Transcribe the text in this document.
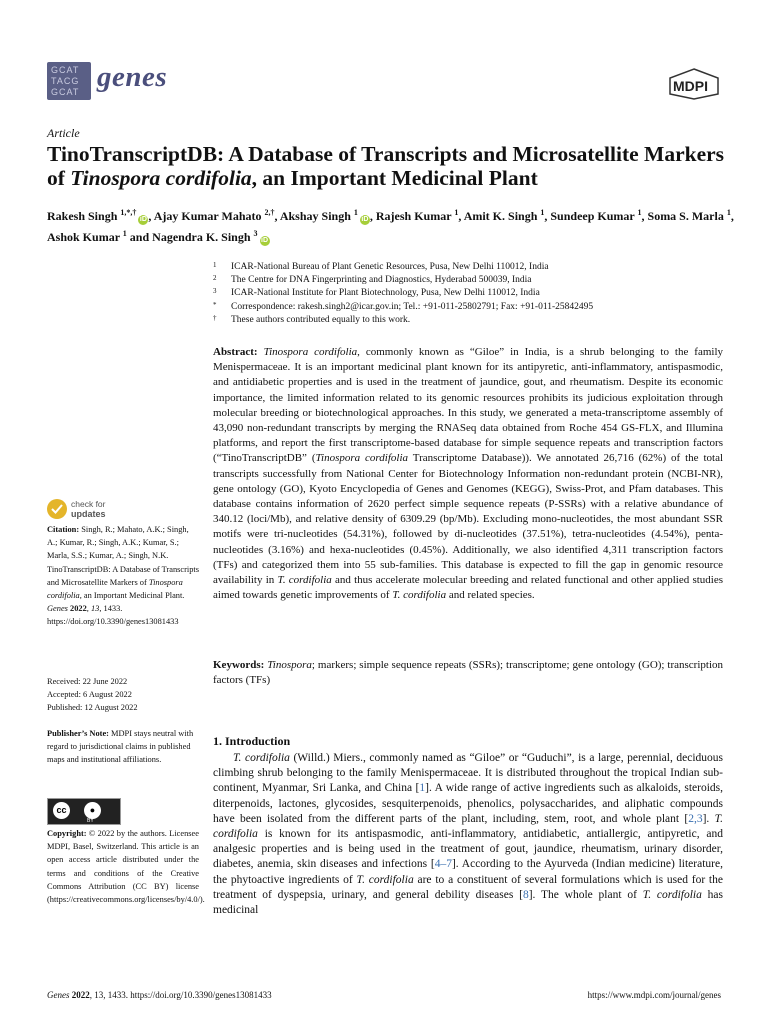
GCAT
TACG
GCAT genes	MDPI
Article
TinoTranscriptDB: A Database of Transcripts and Microsatellite Markers of Tinospora cordifolia, an Important Medicinal Plant
Rakesh Singh $^{1,*,\dagger}$iD , Ajay Kumar Mahato $^{2,\dagger}$, Akshay Singh $^1$iD , Rajesh Kumar $^1$, Amit K. Singh $^1$, Sundeep Kumar $^1$, Soma S. Marla $^1$, Ashok Kumar $^1$ and Nagendra K. Singh $^3$iD
1 ICAR-National Bureau of Plant Genetic Resources, Pusa, New Delhi 110012, India
2 The Centre for DNA Fingerprinting and Diagnostics, Hyderabad 500039, India
3 ICAR-National Institute for Plant Biotechnology, Pusa, New Delhi 110012, India
* Correspondence: rakesh.singh2@icar.gov.in; Tel.: +91-011-25802791; Fax: +91-011-25842495
† These authors contributed equally to this work.
Abstract: Tinospora cordifolia, commonly known as “Giloe” in India, is a shrub belonging to the family Menispermaceae. It is an important medicinal plant known for its antipyretic, anti-inflammatory, antispasmodic, and antidiabetic properties and is used in the treatment of jaundice, gout, and rheumatism. Despite its economic importance, the limited information related to its genomic resources prohibits its judicious exploitation through molecular breeding or biotechnological approaches. In this study, we generated a meta-transcriptome assembly of 43,090 non-redundant transcripts by merging the RNASeq data obtained from Roche 454 GS-FLX, and Illumina platforms, and report the first transcriptome-based database for simple sequence repeats and transcription factors (“TinoTranscriptDB” (Tinospora cordifolia Transcriptome Database)). We annotated 26,716 (62%) of the total transcripts successfully from National Center for Biotechnology Information non-redundant protein (NCBI-NR), gene ontology (GO), Kyoto Encyclopedia of Genes and Genomes (KEGG), Swiss-Prot, and Pfam databases. This database contains information of 2620 perfect simple sequence repeats (P-SSRs) with a relative abundance of 340.12 (loci/Mb), and relative density of 6309.29 (bp/Mb). Excluding mono-nucleotides, the most abundant SSR motifs were tri-nucleotides (54.31%), followed by di-nucleotides (37.51%), tetra-nucleotides (4.54%), penta-nucleotides (3.16%) and hexa-nucleotides (0.45%). Additionally, we also identified 4,311 transcription factors (TFs) and categorized them into 55 sub-families. This database is expected to fill the gap in genomic resource availability in T. cordifolia and thus accelerate molecular breeding and related functional and other applied studies aimed towards genetic improvements of T. cordifolia and related species.
Keywords: Tinospora; markers; simple sequence repeats (SSRs); transcriptome; gene ontology (GO); transcription factors (TFs)
1. Introduction
T. cordifolia (Willd.) Miers., commonly named as “Giloe” or “Guduchi”, is a large, perennial, deciduous climbing shrub belonging to the family Menispermaceae. It is distributed throughout the tropical Indian sub-continent, Myanmar, Sri Lanka, and China [1]. A wide range of active ingredients such as alkaloids, steroids, diterpenoids, lactones, glycosides, sesquiterpenoids, phenolics, polysaccharides, and aliphatic compounds have been isolated from the different parts of the plant, including, stem, root, and whole plant [2,3]. T. cordifolia is known for its antispasmodic, anti-inflammatory, antidiabetic, antiallergic, antipyretic, and analgesic properties and is being used in the treatment of gout, jaundice, rheumatism, urinary disorder, diabetes, anemia, skin diseases and infections [4–7]. According to the Ayurveda (Indian medicine) literature, the phytoactive ingredients of T. cordifolia are to a constituent of several formulations which is used for the treatment of dyspepsia, urinary, and general debility diseases [8]. The whole plant of T. cordifolia has medicinal
check for
updates
Citation: Singh, R.; Mahato, A.K.; Singh, A.; Kumar, R.; Singh, A.K.; Kumar, S.; Marla, S.S.; Kumar, A.; Singh, N.K. TinoTranscriptDB: A Database of Transcripts and Microsatellite Markers of Tinospora cordifolia, an Important Medicinal Plant. Genes 2022, 13, 1433. https://doi.org/10.3390/genes13081433
Received: 22 June 2022
Accepted: 6 August 2022
Published: 12 August 2022
Publisher’s Note: MDPI stays neutral with regard to jurisdictional claims in published maps and institutional affiliations.
cc	●
BY
Copyright: © 2022 by the authors. Licensee MDPI, Basel, Switzerland. This article is an open access article distributed under the terms and conditions of the Creative Commons Attribution (CC BY) license (https://creativecommons.org/licenses/by/4.0/).
Genes 2022, 13, 1433. https://doi.org/10.3390/genes13081433	https://www.mdpi.com/journal/genes
